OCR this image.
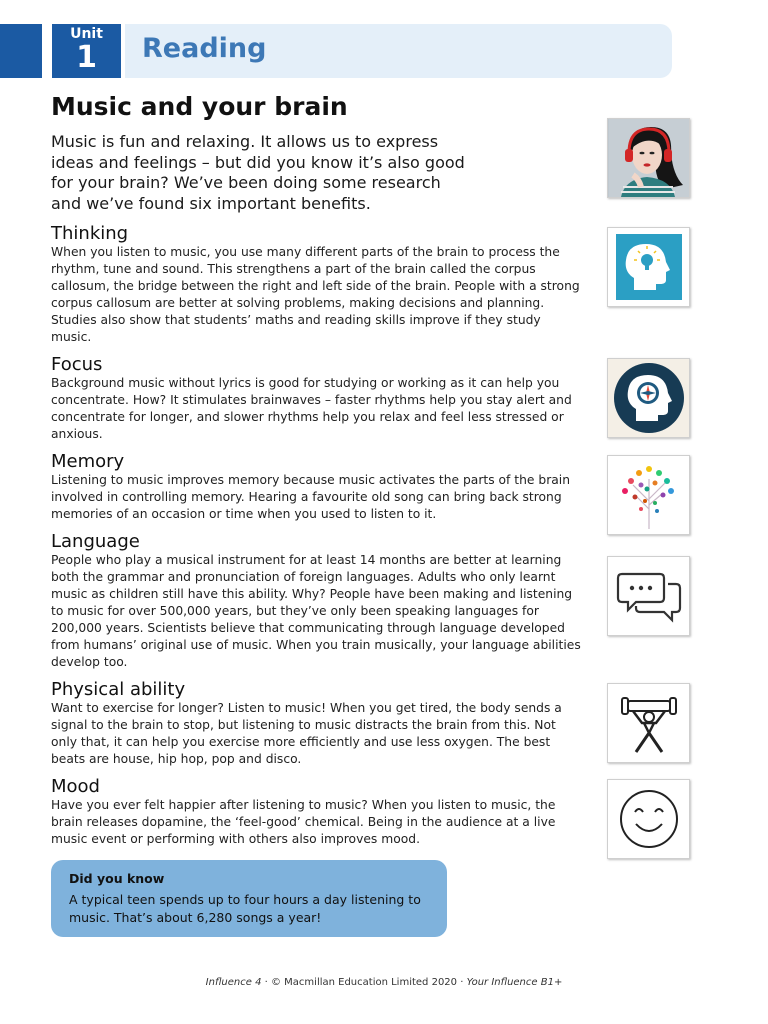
Unit
1	Reading
Music and your brain

Music is fun and relaxing. It allows us to express ideas and feelings – but did you know it’s also good for your brain? We’ve been doing some research and we’ve found six important benefits.

Thinking

When you listen to music, you use many different parts of the brain to process the rhythm, tune and sound. This strengthens a part of the brain called the corpus callosum, the bridge between the right and left side of the brain. People with a strong corpus callosum are better at solving problems, making decisions and planning. Studies also show that students’ maths and reading skills improve if they study music.

Focus

Background music without lyrics is good for studying or working as it can help you concentrate. How? It stimulates brainwaves – faster rhythms help you stay alert and concentrate for longer, and slower rhythms help you relax and feel less stressed or anxious.

Memory

Listening to music improves memory because music activates the parts of the brain involved in controlling memory. Hearing a favourite old song can bring back strong memories of an occasion or time when you used to listen to it.

Language

People who play a musical instrument for at least 14 months are better at learning both the grammar and pronunciation of foreign languages. Adults who only learnt music as children still have this ability. Why? People have been making and listening to music for over 500,000 years, but they’ve only been speaking languages for 200,000 years. Scientists believe that communicating through language developed from humans’ original use of music. When you train musically, your language abilities develop too.

Physical ability

Want to exercise for longer? Listen to music! When you get tired, the body sends a signal to the brain to stop, but listening to music distracts the brain from this. Not only that, it can help you exercise more efficiently and use less oxygen. The best beats are house, hip hop, pop and disco.

Mood

Have you ever felt happier after listening to music? When you listen to music, the brain releases dopamine, the ‘feel-good’ chemical. Being in the audience at a live music event or performing with others also improves mood.

Did you know
A typical teen spends up to four hours a day listening to music. That’s about 6,280 songs a year!
Influence 4 · © Macmillan Education Limited 2020 · Your Influence B1+
